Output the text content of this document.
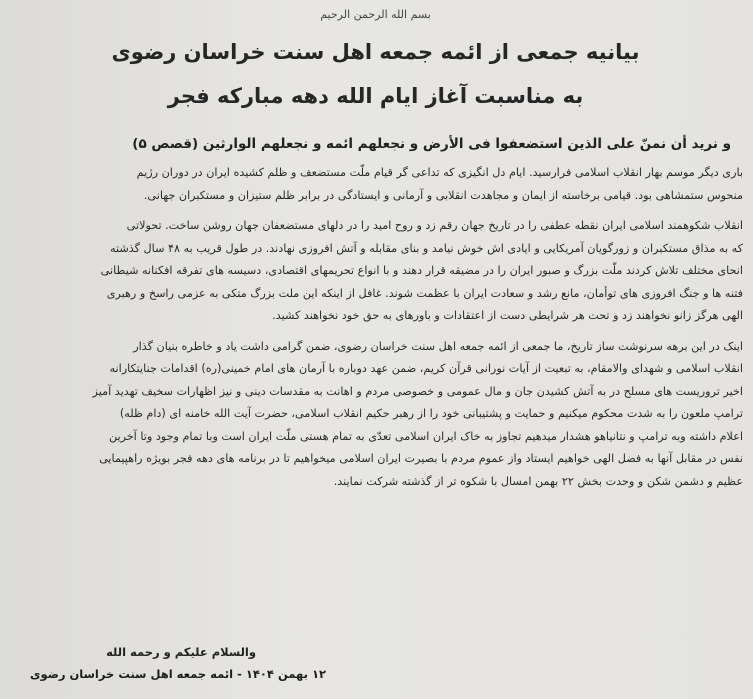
بسم الله الرحمن الرحیم
بیانیه جمعی از ائمه جمعه اهل سنت خراسان رضوی
به مناسبت آغاز ایام الله دهه مبارکه فجر
و نرید أن نمنّ علی الذین استضعفوا فی الأرض و نجعلهم ائمه و نجعلهم الوارثین (قصص ۵)
باری دیگر موسم بهار انقلاب اسلامی فرارسید. ایام دل انگیزی که تداعی گر قیام ملّت مستضعف و ظلم کشیده ایران در دوران رژیم
منحوس ستمشاهی بود. قیامی برخاسته از ایمان و مجاهدت انقلابی و آرمانی و ایستادگی در برابر ظلم ستیزان و مستکبران جهانی.
انقلاب شکوهمند اسلامی ایران نقطه عطفی را در تاریخ جهان رقم زد و روح امید را در دلهای مستضعفان جهان روشن ساخت. تحولاتی
که به مذاق مستکبران و زورگویان آمریکایی و ایادی اش خوش نیامد و بنای مقابله و آتش افروزی نهادند. در طول قریب به ۴۸ سال گذشته
انحای مختلف تلاش کردند ملّت بزرگ و صبور ایران را در مضیقه قرار دهند و با انواع تحریمهای اقتصادی، دسیسه های تفرقه افکنانه شیطانی
فتنه ها و جنگ افروزی های توأمان، مانع رشد و سعادت ایران با عظمت شوند. غافل از اینکه این ملت بزرگ متکی به عزمی راسخ و رهبری
الهی هرگز زانو نخواهند زد و تحت هر شرایطی دست از اعتقادات و باورهای به حق خود نخواهند کشید.
اینک در این برهه سرنوشت ساز تاریخ، ما جمعی از ائمه جمعه اهل سنت خراسان رضوی، ضمن گرامی داشت یاد و خاطره بنیان گذار
انقلاب اسلامی و شهدای والامقام، به تبعیت از آیات نورانی قرآن کریم، ضمن عهد دوباره با آرمان های امام خمینی(ره) اقدامات جنایتکارانه
اخیر تروریست های مسلح در به آتش کشیدن جان و مال عمومی و خصوصی مردم و اهانت به مقدسات دینی و نیز اظهارات سخیف تهدید آمیز
ترامپ ملعون را به شدت محکوم میکنیم و حمایت و پشتیبانی خود را از رهبر حکیم انقلاب اسلامی، حضرت آیت الله خامنه ای (دام ظله)
اعلام داشته وبه ترامپ و نتانیاهو هشدار میدهیم تجاوز به خاک ایران اسلامی تعدّی به تمام هستی ملّت ایران است وبا تمام وجود وتا آخرین
نفس در مقابل آنها به فضل الهی خواهیم ایستاد واز عموم مردم با بصیرت ایران اسلامی میخواهیم تا در برنامه های دهه فجر بویژه راهپیمایی
عظیم و دشمن شکن و وحدت بخش ۲۲ بهمن امسال با شکوه تر از گذشته شرکت نمایند.
والسلام علیکم و رحمه الله
۱۲ بهمن ۱۴۰۴ - ائمه جمعه اهل سنت خراسان رضوی
